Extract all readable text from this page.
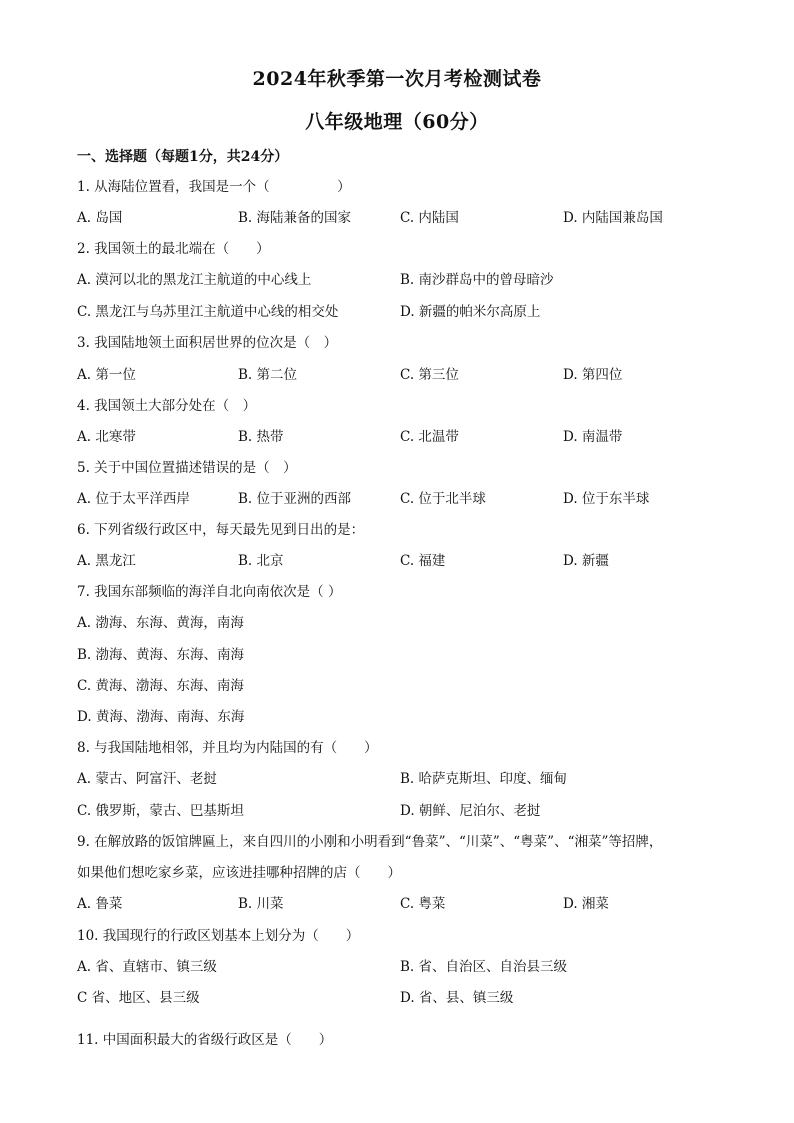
2024年秋季第一次月考检测试卷
八年级地理（60分）
一、选择题（每题1分，共24分）
1. 从海陆位置看，我国是一个（　　　　　）
A. 岛国	B. 海陆兼备的国家	C. 内陆国	D. 内陆国兼岛国
2. 我国领土的最北端在（　　）
A. 漠河以北的黑龙江主航道的中心线上	B. 南沙群岛中的曾母暗沙
C. 黑龙江与乌苏里江主航道中心线的相交处	D. 新疆的帕米尔高原上
3. 我国陆地领土面积居世界的位次是（　）
A. 第一位	B. 第二位	C. 第三位	D. 第四位
4. 我国领土大部分处在（　）
A. 北寒带	B. 热带	C. 北温带	D. 南温带
5. 关于中国位置描述错误的是（　）
A. 位于太平洋西岸	B. 位于亚洲的西部	C. 位于北半球	D. 位于东半球
6. 下列省级行政区中，每天最先见到日出的是：
A. 黑龙江	B. 北京	C. 福建	D. 新疆
7. 我国东部频临的海洋自北向南依次是（ ）
A. 渤海、东海、黄海，南海
B. 渤海、黄海、东海、南海
C. 黄海、渤海、东海、南海
D. 黄海、渤海、南海、东海
8. 与我国陆地相邻，并且均为内陆国的有（　　）
A. 蒙古、阿富汗、老挝	B. 哈萨克斯坦、印度、缅甸
C. 俄罗斯，蒙古、巴基斯坦	D. 朝鲜、尼泊尔、老挝
9. 在解放路的饭馆牌匾上，来自四川的小刚和小明看到“鲁菜”、“川菜”、“粤菜”、“湘菜”等招牌，
如果他们想吃家乡菜，应该进挂哪种招牌的店（　　）
A. 鲁菜	B. 川菜	C. 粤菜	D. 湘菜
10. 我国现行的行政区划基本上划分为（　　）
A. 省、直辖市、镇三级	B. 省、自治区、自治县三级
C 省、地区、县三级	D. 省、县、镇三级
11. 中国面积最大的省级行政区是（　　）
